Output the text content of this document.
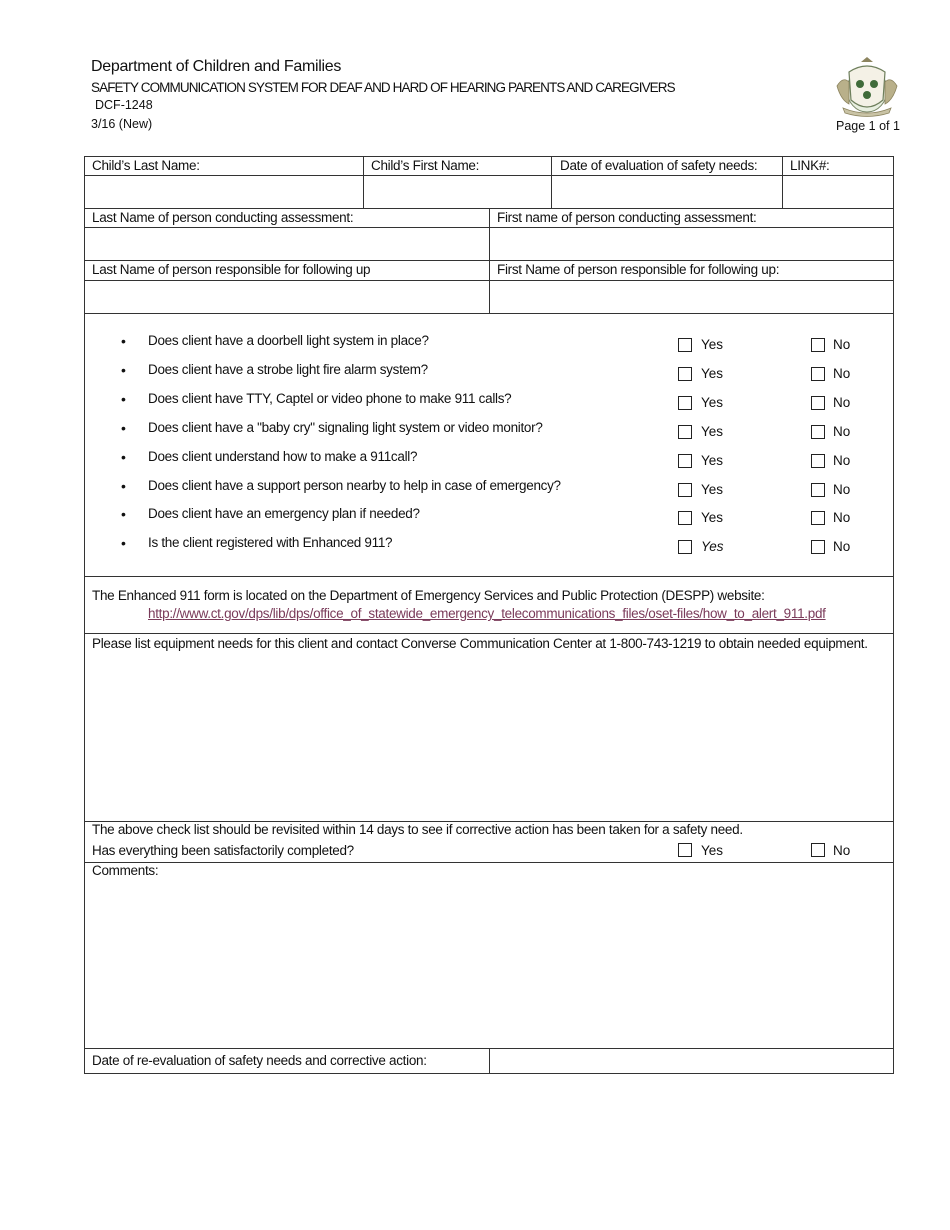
Department of Children and Families
SAFETY COMMUNICATION SYSTEM FOR DEAF AND HARD OF HEARING PARENTS AND CAREGIVERS
DCF-1248
3/16 (New)	Page 1 of 1
Child’s Last Name:	Child’s First Name:	Date of evaluation of safety needs: LINK#:
Last Name of person conducting assessment:	First name of person conducting assessment:
Last Name of person responsible for following up	First Name of person responsible for following up:
• Does client have a doorbell light system in place?	Yes	No
• Does client have a strobe light fire alarm system?	Yes	No
• Does client have TTY, Captel or video phone to make 911 calls?	Yes	No
• Does client have a "baby cry" signaling light system or video monitor?	Yes	No
• Does client understand how to make a 911call?	Yes	No
• Does client have a support person nearby to help in case of emergency?	Yes	No
• Does client have an emergency plan if needed?	Yes	No
• Is the client registered with Enhanced 911?	Yes	No
The Enhanced 911 form is located on the Department of Emergency Services and Public Protection (DESPP) website:
http://www.ct.gov/dps/lib/dps/office_of_statewide_emergency_telecommunications_files/oset-files/how_to_alert_911.pdf
Please list equipment needs for this client and contact Converse Communication Center at 1-800-743-1219 to obtain needed equipment.
The above check list should be revisited within 14 days to see if corrective action has been taken for a safety need.
Has everything been satisfactorily completed?	Yes	No
Comments:
Date of re-evaluation of safety needs and corrective action:
